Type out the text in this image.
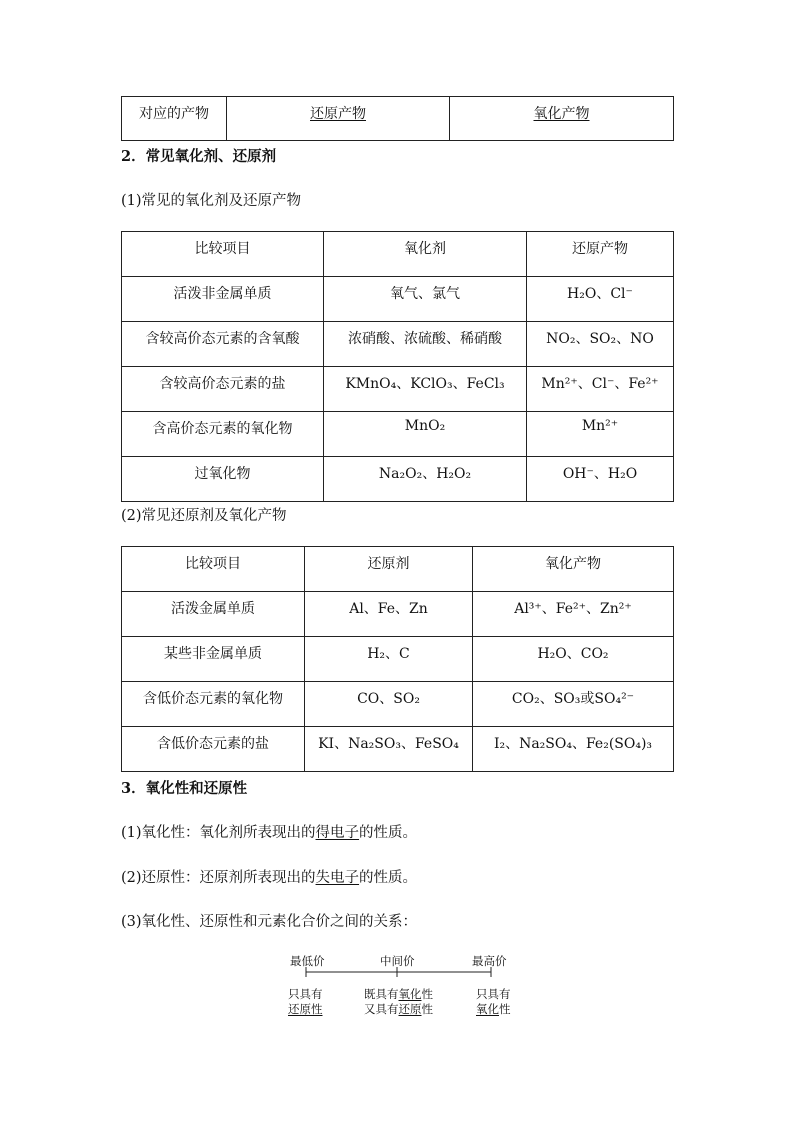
对应的产物	还原产物	氧化产物
2．常见氧化剂、还原剂
(1)常见的氧化剂及还原产物
比较项目	氧化剂	还原产物
活泼非金属单质	氧气、氯气	H₂O、Cl⁻
含较高价态元素的含氧酸	浓硝酸、浓硫酸、稀硝酸	NO₂、SO₂、NO
含较高价态元素的盐	KMnO₄、KClO₃、FeCl₃	Mn²⁺、Cl⁻、Fe²⁺
含高价态元素的氧化物	MnO₂	Mn²⁺
过氧化物	Na₂O₂、H₂O₂	OH⁻、H₂O
(2)常见还原剂及氧化产物
比较项目	还原剂	氧化产物
活泼金属单质	Al、Fe、Zn	Al³⁺、Fe²⁺、Zn²⁺
某些非金属单质	H₂、C	H₂O、CO₂
含低价态元素的氧化物	CO、SO₂	CO₂、SO₃或SO₄²⁻
含低价态元素的盐	KI、Na₂SO₃、FeSO₄	I₂、Na₂SO₄、Fe₂(SO₄)₃
3．氧化性和还原性
(1)氧化性：氧化剂所表现出的得电子的性质。
(2)还原性：还原剂所表现出的失电子的性质。
(3)氧化性、还原性和元素化合价之间的关系：
最低价	中间价	最高价
只具有
还原性
既具有氧化性
又具有还原性
只具有
氧化性
